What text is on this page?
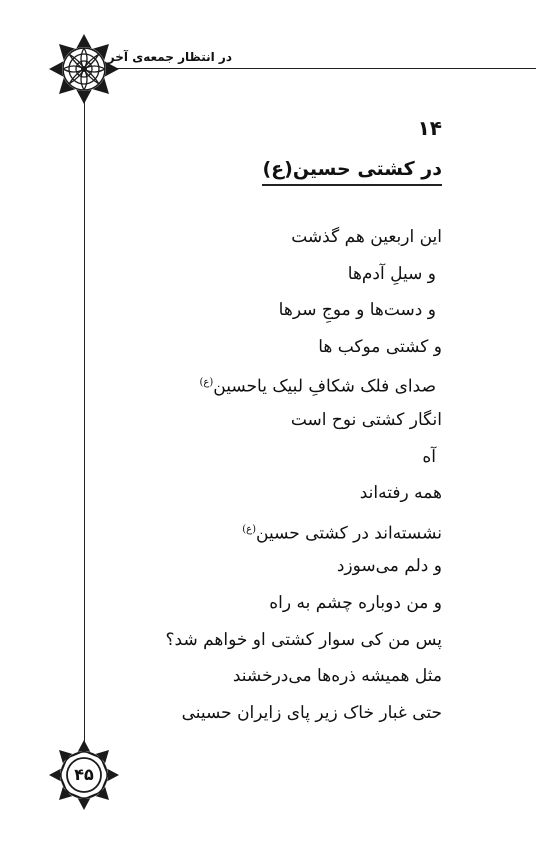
در انتظار جمعه‌ی آخر
۱۴
در کشتی حسین(ع)
این اربعین هم گذشت
و سیلِ آدم‌ها
و دست‌ها و موجِ سرها
و کشتی موکب ها
صدای فلک شکافِ لبیک یاحسین$^{(ع)}$
انگار کشتی نوح است
آه
همه رفته‌اند
نشسته‌اند در کشتی حسین$^{(ع)}$
و دلم می‌سوزد
و من دوباره چشم به راه
پس من کی سوار کشتی او خواهم شد؟
مثل همیشه ذره‌ها می‌درخشند
حتی غبار خاک زیر پای زایران حسینی
۴۵
